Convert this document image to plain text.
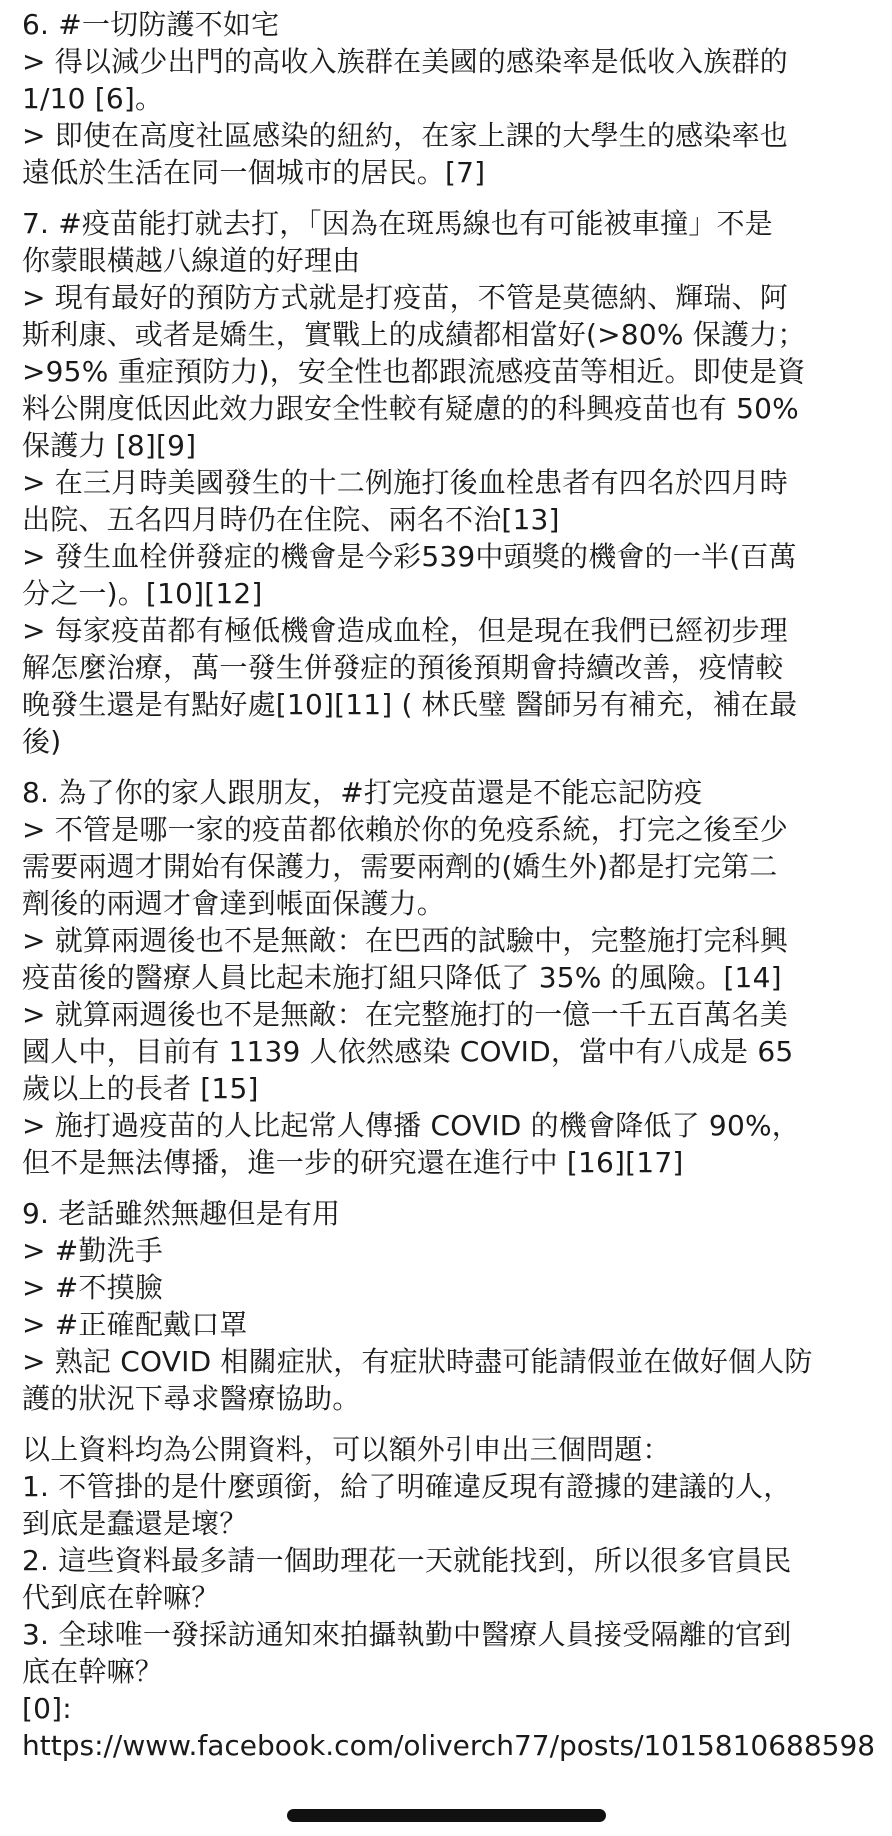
6. #一切防護不如宅
> 得以減少出門的高收入族群在美國的感染率是低收入族群的
1/10 [6]。
> 即使在高度社區感染的紐約，在家上課的大學生的感染率也
遠低於生活在同一個城市的居民。[7]
7. #疫苗能打就去打，「因為在斑馬線也有可能被車撞」不是
你蒙眼橫越八線道的好理由
> 現有最好的預防方式就是打疫苗，不管是莫德納、輝瑞、阿
斯利康、或者是嬌生，實戰上的成績都相當好(>80% 保護力；
>95% 重症預防力)，安全性也都跟流感疫苗等相近。即使是資
料公開度低因此效力跟安全性較有疑慮的的科興疫苗也有 50%
保護力 [8][9]
> 在三月時美國發生的十二例施打後血栓患者有四名於四月時
出院、五名四月時仍在住院、兩名不治[13]
> 發生血栓併發症的機會是今彩539中頭獎的機會的一半(百萬
分之一)。[10][12]
> 每家疫苗都有極低機會造成血栓，但是現在我們已經初步理
解怎麼治療，萬一發生併發症的預後預期會持續改善，疫情較
晚發生還是有點好處[10][11] ( 林氏璧 醫師另有補充，補在最
後)
8. 為了你的家人跟朋友，#打完疫苗還是不能忘記防疫
> 不管是哪一家的疫苗都依賴於你的免疫系統，打完之後至少
需要兩週才開始有保護力，需要兩劑的(嬌生外)都是打完第二
劑後的兩週才會達到帳面保護力。
> 就算兩週後也不是無敵：在巴西的試驗中，完整施打完科興
疫苗後的醫療人員比起未施打組只降低了 35% 的風險。[14]
> 就算兩週後也不是無敵：在完整施打的一億一千五百萬名美
國人中，目前有 1139 人依然感染 COVID，當中有八成是 65
歲以上的長者 [15]
> 施打過疫苗的人比起常人傳播 COVID 的機會降低了 90%，
但不是無法傳播，進一步的研究還在進行中 [16][17]
9. 老話雖然無趣但是有用
> #勤洗手
> #不摸臉
> #正確配戴口罩
> 熟記 COVID 相關症狀，有症狀時盡可能請假並在做好個人防
護的狀況下尋求醫療協助。
以上資料均為公開資料，可以額外引申出三個問題：
1. 不管掛的是什麼頭銜，給了明確違反現有證據的建議的人，
到底是蠢還是壞？
2. 這些資料最多請一個助理花一天就能找到，所以很多官員民
代到底在幹嘛？
3. 全球唯一發採訪通知來拍攝執勤中醫療人員接受隔離的官到
底在幹嘛？
[0]:
https://www.facebook.com/oliverch77/posts/1015810688598
